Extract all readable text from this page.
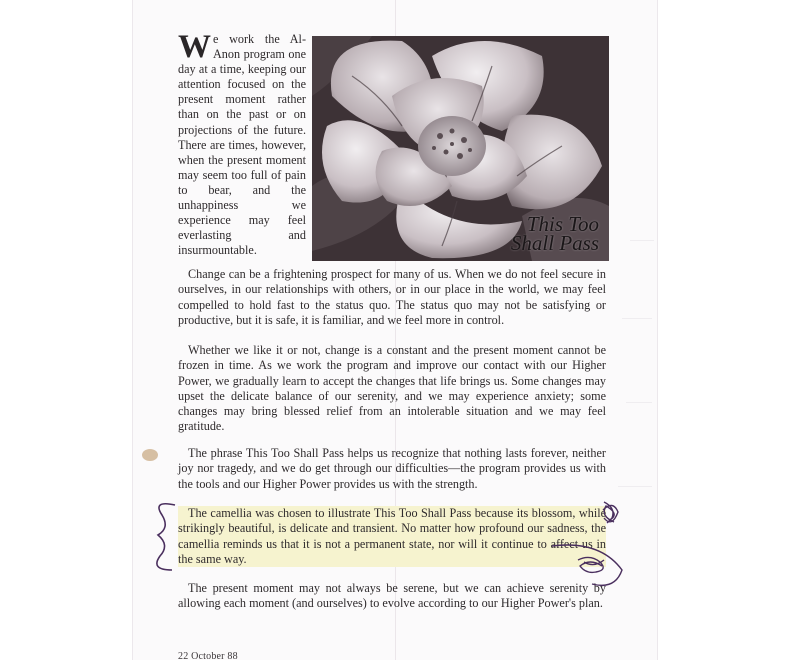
W e work the Al-Anon program one day at a time, keeping our attention focused on the present moment rather than on the past or on projections of the future. There are times, however, when the present moment may seem too full of pain to bear, and the unhappiness we experience may feel everlasting and insurmountable.
This Too
Shall Pass

Change can be a frightening prospect for many of us. When we do not feel secure in ourselves, in our relationships with others, or in our place in the world, we may feel compelled to hold fast to the status quo. The status quo may not be satisfying or productive, but it is safe, it is familiar, and we feel more in control.

Whether we like it or not, change is a constant and the present moment cannot be frozen in time. As we work the program and improve our contact with our Higher Power, we gradually learn to accept the changes that life brings us. Some changes may upset the delicate balance of our serenity, and we may experience anxiety; some changes may bring blessed relief from an intolerable situation and we may feel gratitude.

The phrase This Too Shall Pass helps us recognize that nothing lasts forever, neither joy nor tragedy, and we do get through our difficulties—the program provides us with the tools and our Higher Power provides us with the strength.

The camellia was chosen to illustrate This Too Shall Pass because its blossom, while strikingly beautiful, is delicate and transient. No matter how profound our sadness, the camellia reminds us that it is not a permanent state, nor will it continue to affect us in the same way.

The present moment may not always be serene, but we can achieve serenity by allowing each moment (and ourselves) to evolve according to our Higher Power's plan.

22 October 88
